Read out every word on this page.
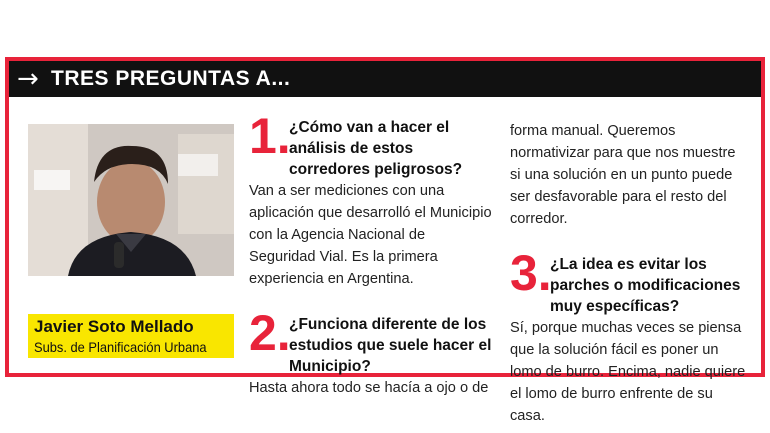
→ TRES PREGUNTAS A...
Javier Soto Mellado
Subs. de Planificación Urbana
1.
¿Cómo van a hacer el análisis de estos corredores peligrosos?

Van a ser mediciones con una aplicación que desarrolló el Municipio con la Agencia Nacional de Seguridad Vial. Es la primera experiencia en Argentina.

2.
¿Funciona diferente de los estudios que suele hacer el Municipio?

Hasta ahora todo se hacía a ojo o de

forma manual. Queremos normativizar para que nos muestre si una solución en un punto puede ser desfavorable para el resto del corredor.

3.
¿La idea es evitar los parches o modificaciones muy específicas?

Sí, porque muchas veces se piensa que la solución fácil es poner un lomo de burro. Encima, nadie quiere el lomo de burro enfrente de su casa.
